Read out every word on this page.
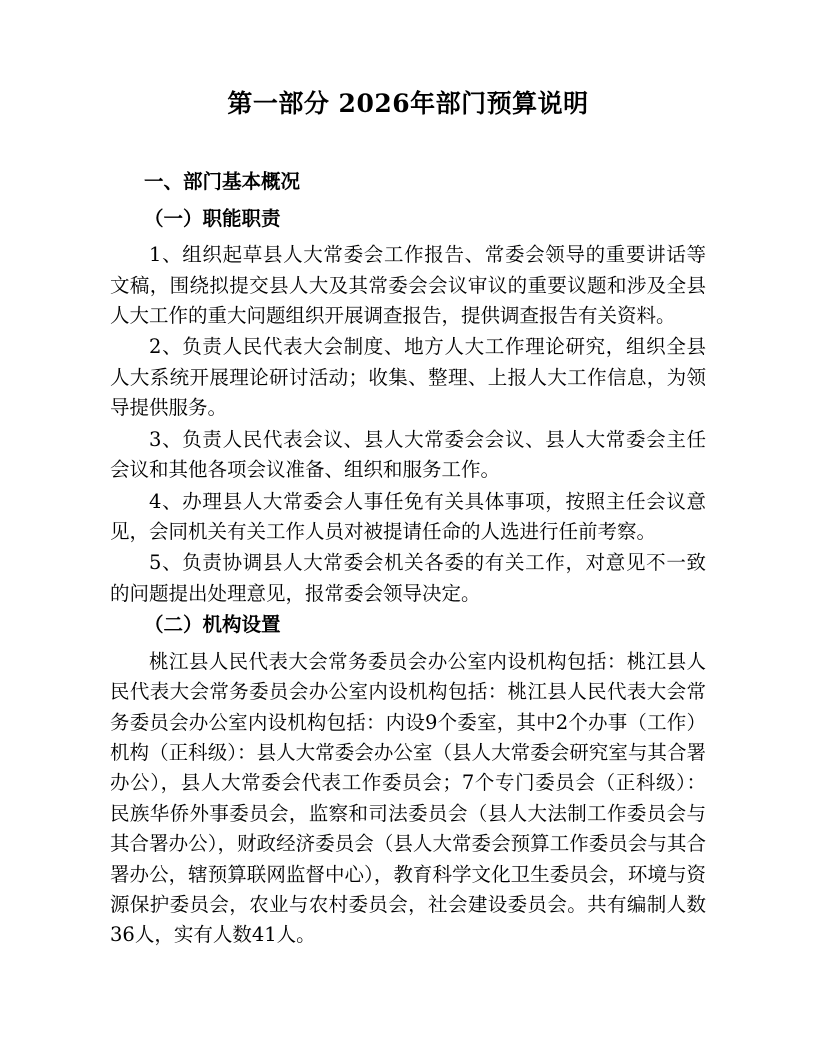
第一部分 2026年部门预算说明
一、部门基本概况
（一）职能职责

1、组织起草县人大常委会工作报告、常委会领导的重要讲话等文稿，围绕拟提交县人大及其常委会会议审议的重要议题和涉及全县人大工作的重大问题组织开展调查报告，提供调查报告有关资料。

2、负责人民代表大会制度、地方人大工作理论研究，组织全县人大系统开展理论研讨活动；收集、整理、上报人大工作信息，为领导提供服务。

3、负责人民代表会议、县人大常委会会议、县人大常委会主任会议和其他各项会议准备、组织和服务工作。

4、办理县人大常委会人事任免有关具体事项，按照主任会议意见，会同机关有关工作人员对被提请任命的人选进行任前考察。

5、负责协调县人大常委会机关各委的有关工作，对意见不一致的问题提出处理意见，报常委会领导决定。

（二）机构设置

桃江县人民代表大会常务委员会办公室内设机构包括：桃江县人民代表大会常务委员会办公室内设机构包括：桃江县人民代表大会常务委员会办公室内设机构包括：内设9个委室，其中2个办事（工作）机构（正科级）：县人大常委会办公室（县人大常委会研究室与其合署办公），县人大常委会代表工作委员会；7个专门委员会（正科级）：民族华侨外事委员会，监察和司法委员会（县人大法制工作委员会与其合署办公），财政经济委员会（县人大常委会预算工作委员会与其合署办公，辖预算联网监督中心），教育科学文化卫生委员会，环境与资源保护委员会，农业与农村委员会，社会建设委员会。共有编制人数36人，实有人数41人。
